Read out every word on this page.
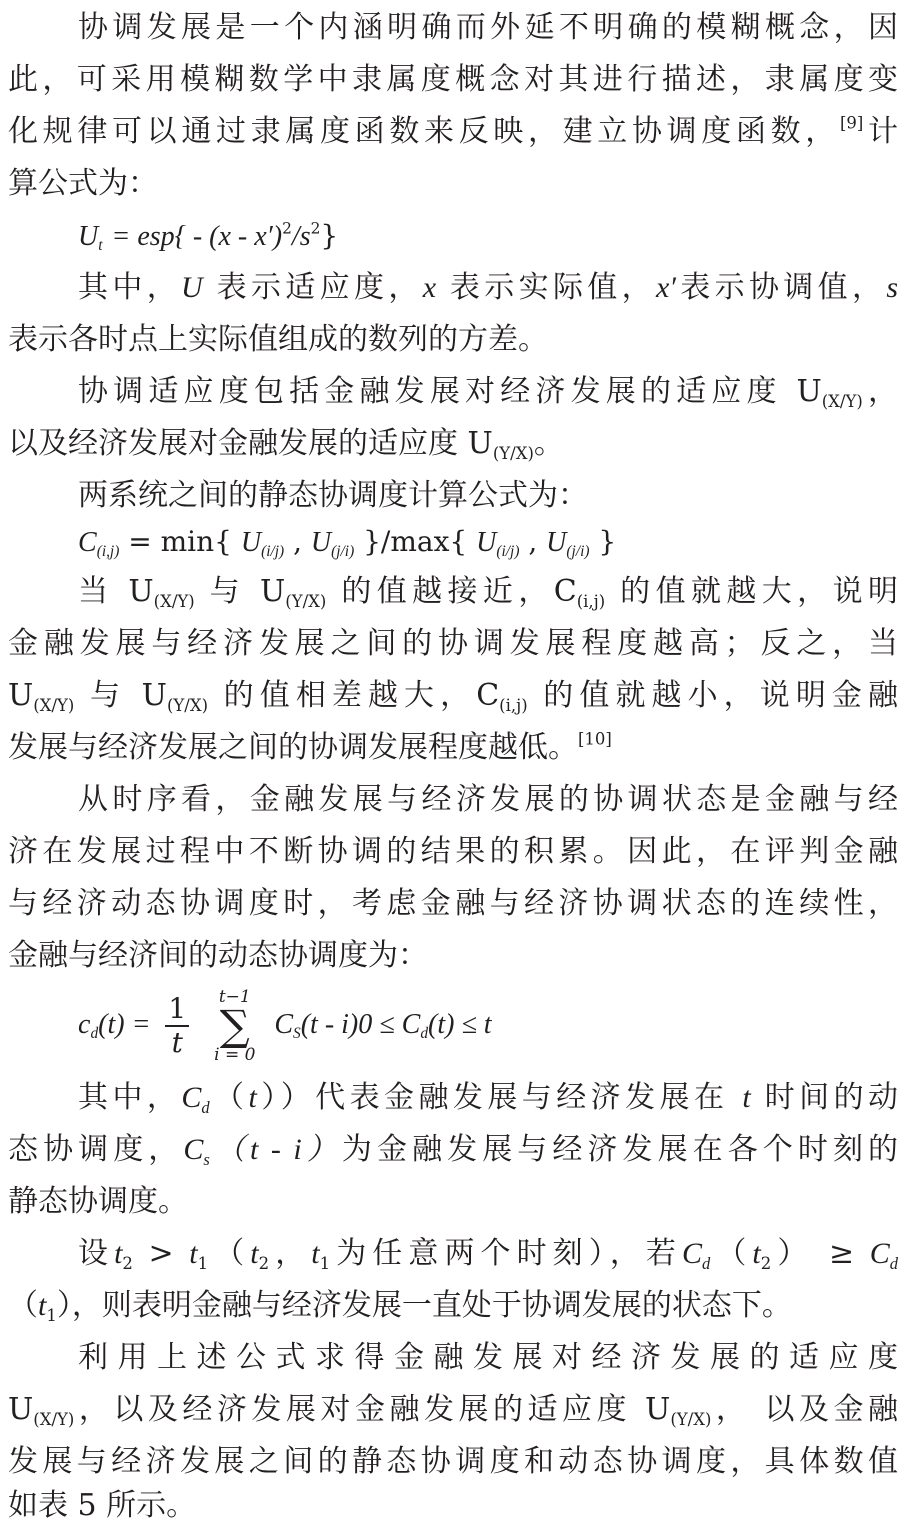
协调发展是一个内涵明确而外延不明确的模糊概念，因
此，可采用模糊数学中隶属度概念对其进行描述，隶属度变
化规律可以通过隶属度函数来反映，建立协调度函数，[9]计
算公式为：
$U_t = esp\{ - (x - x')^2/s^2\}$
其中，U 表示适应度，x 表示实际值，x′表示协调值，s
表示各时点上实际值组成的数列的方差。
协调适应度包括金融发展对经济发展的适应度 $U_{(X/Y)}$，
以及经济发展对金融发展的适应度 $U_{(Y/X)}$。
两系统之间的静态协调度计算公式为：
$C_{(i,j)} = \min${ $U_{(i/j)}$ , $U_{(j/i)}$ }/max{ $U_{(i/j)}$ , $U_{(j/i)}$ }
当 $U_{(X/Y)}$ 与 $U_{(Y/X)}$ 的值越接近，$C_{(i,j)}$ 的值就越大，说明
金融发展与经济发展之间的协调发展程度越高；反之，当
$U_{(X/Y)}$ 与 $U_{(Y/X)}$ 的值相差越大，$C_{(i,j)}$ 的值就越小，说明金融
发展与经济发展之间的协调发展程度越低。[10]
从时序看，金融发展与经济发展的协调状态是金融与经
济在发展过程中不断协调的结果的积累。因此，在评判金融
与经济动态协调度时，考虑金融与经济协调状态的连续性，
金融与经济间的动态协调度为：
$c_d(t) = \frac{1}{t}$
t−1
∑
i = 0
$C_S(t - i)0 \le C_d(t) \le t$
其中，$C_d(t)$）代表金融发展与经济发展在 t 时间的动
态协调度，$C_s(t - i)$为金融发展与经济发展在各个时刻的
静态协调度。
设$t_2 > t_1(t_2$，$t_1$为任意两个时刻），若$C_d(t_2) \ge C_d$
$(t_1)$，则表明金融与经济发展一直处于协调发展的状态下。
利用上述公式求得金融发展对经济发展的适应度
$U_{(X/Y)}$，以及经济发展对金融发展的适应度 $U_{(Y/X)}$， 以及金融
发展与经济发展之间的静态协调度和动态协调度，具体数值
如表 5 所示。
